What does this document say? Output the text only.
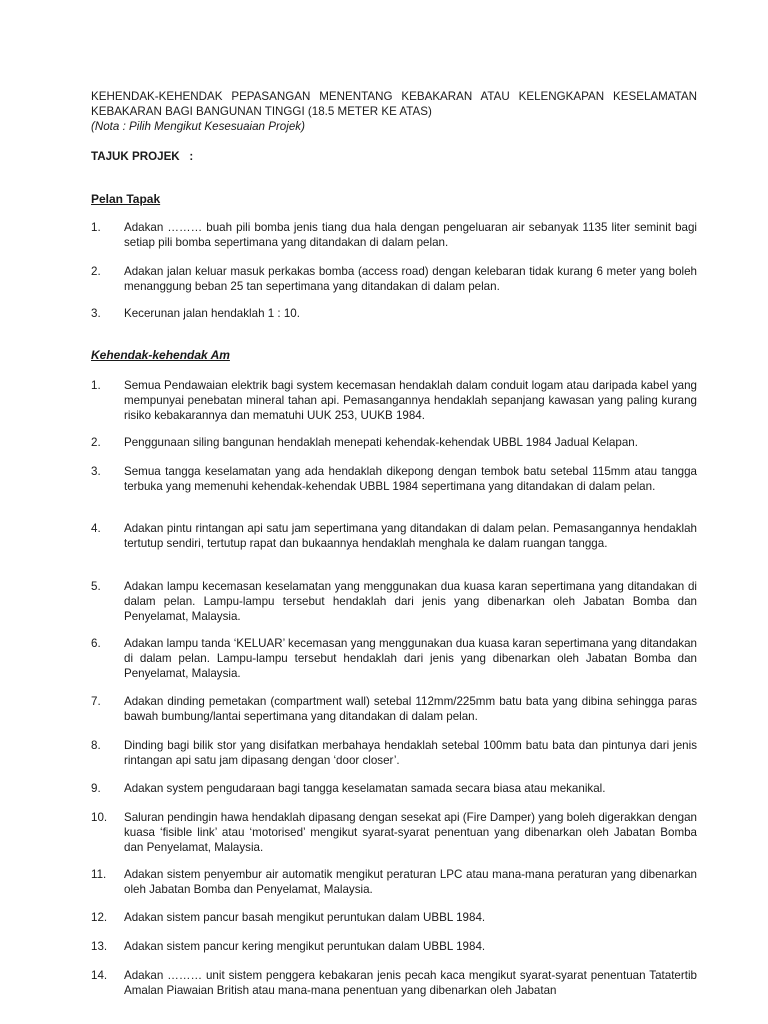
KEHENDAK-KEHENDAK PEPASANGAN MENENTANG KEBAKARAN ATAU KELENGKAPAN KESELAMATAN
KEBAKARAN BAGI BANGUNAN TINGGI (18.5 METER KE ATAS)
(Nota : Pilih Mengikut Kesesuaian Projek)
TAJUK PROJEK   :
Pelan Tapak
1.	Adakan ……… buah pili bomba jenis tiang dua hala dengan pengeluaran air sebanyak 1135 liter seminit bagi setiap pili bomba sepertimana yang ditandakan di dalam pelan.
2.	Adakan jalan keluar masuk perkakas bomba (access road) dengan kelebaran tidak kurang 6 meter yang boleh menanggung beban 25 tan sepertimana yang ditandakan di dalam pelan.
3.	Kecerunan jalan hendaklah 1 : 10.
Kehendak-kehendak Am
1.	Semua Pendawaian elektrik bagi system kecemasan hendaklah dalam conduit logam atau daripada kabel yang mempunyai penebatan mineral tahan api. Pemasangannya hendaklah sepanjang kawasan yang paling kurang risiko kebakarannya dan mematuhi UUK 253, UUKB 1984.
2.	Penggunaan siling bangunan hendaklah menepati kehendak-kehendak UBBL 1984 Jadual Kelapan.
3.	Semua tangga keselamatan yang ada hendaklah dikepong dengan tembok batu setebal 115mm atau tangga terbuka yang memenuhi kehendak-kehendak UBBL 1984 sepertimana yang ditandakan di dalam pelan.
4.	Adakan pintu rintangan api satu jam sepertimana yang ditandakan di dalam pelan. Pemasangannya hendaklah tertutup sendiri, tertutup rapat dan bukaannya hendaklah menghala ke dalam ruangan tangga.
5.	Adakan lampu kecemasan keselamatan yang menggunakan dua kuasa karan sepertimana yang ditandakan di dalam pelan. Lampu-lampu tersebut hendaklah dari jenis yang dibenarkan oleh Jabatan Bomba dan Penyelamat, Malaysia.
6.	Adakan lampu tanda ‘KELUAR’ kecemasan yang menggunakan dua kuasa karan sepertimana yang ditandakan di dalam pelan. Lampu-lampu tersebut hendaklah dari jenis yang dibenarkan oleh Jabatan Bomba dan Penyelamat, Malaysia.
7.	Adakan dinding pemetakan (compartment wall) setebal 112mm/225mm batu bata yang dibina sehingga paras bawah bumbung/lantai sepertimana yang ditandakan di dalam pelan.
8.	Dinding bagi bilik stor yang disifatkan merbahaya hendaklah setebal 100mm batu bata dan pintunya dari jenis rintangan api satu jam dipasang dengan ‘door closer’.
9.	Adakan system pengudaraan bagi tangga keselamatan samada secara biasa atau mekanikal.
10.	Saluran pendingin hawa hendaklah dipasang dengan sesekat api (Fire Damper) yang boleh digerakkan dengan kuasa ‘fisible link’ atau ‘motorised’ mengikut syarat-syarat penentuan yang dibenarkan oleh Jabatan Bomba dan Penyelamat, Malaysia.
11.	Adakan sistem penyembur air automatik mengikut peraturan LPC atau mana-mana peraturan yang dibenarkan oleh Jabatan Bomba dan Penyelamat, Malaysia.
12.	Adakan sistem pancur basah mengikut peruntukan dalam UBBL 1984.
13.	Adakan sistem pancur kering mengikut peruntukan dalam UBBL 1984.
14.	Adakan ……… unit sistem penggera kebakaran jenis pecah kaca mengikut syarat-syarat penentuan Tatatertib Amalan Piawaian British atau mana-mana penentuan yang dibenarkan oleh Jabatan
